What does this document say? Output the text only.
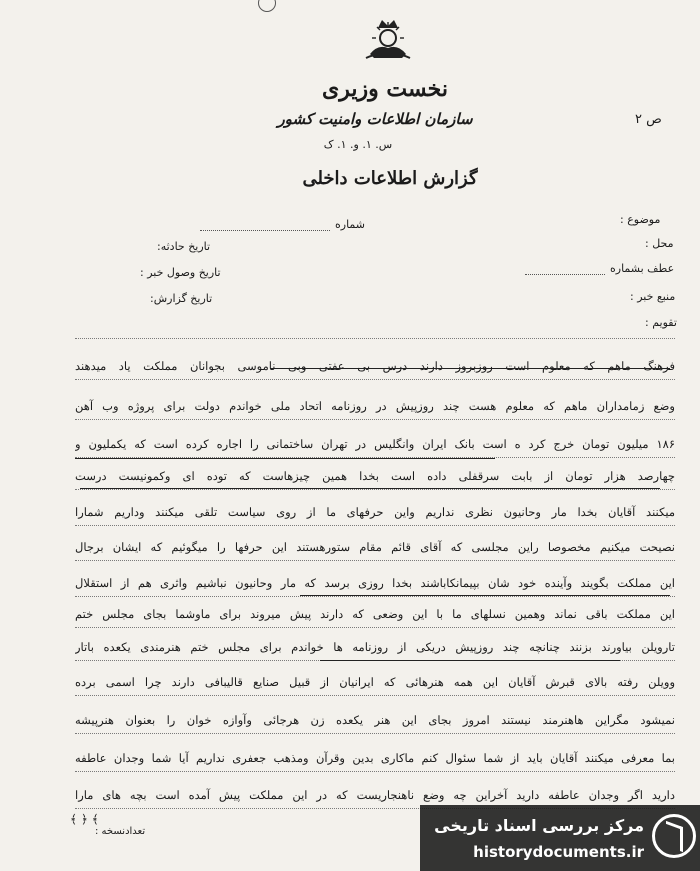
نخست وزیری
سازمان اطلاعات وامنیت کشور
س. ۱. و. ۱. ک
ص ۲
گزارش اطلاعات داخلی
موضوع :
شماره
محل :
تاریخ حادثه:
عطف بشماره
تاریخ وصول خبر :
منبع خبر :
تاریخ گزارش:
تقویم :
فرهنگ ماهم که معلوم است روزبروز دارند درس بی عفتی وبی ناموسی بجوانان مملکت یاد میدهند
وضع زمامداران ماهم که معلوم هست چند روزپیش در روزنامه اتحاد ملی خواندم دولت برای پروژه وب آهن
۱۸۶ میلیون تومان خرج کرد ه است بانک ایران وانگلیس در تهران ساختمانی را اجاره کرده است که یکملیون و
چهارصد هزار تومان از بابت سرقفلی داده است بخدا همین چیزهاست که توده ای وکمونیست درست
میکنند آقایان بخدا مار وحانیون نظری نداریم واین حرفهای ما از روی سیاست تلقی میکنند وداریم شمارا
نصیحت میکنیم مخصوصا راین مجلسی که آقای قائم مقام ستورهستند این حرفها را میگوئیم که ایشان برجال
این مملکت بگویند وآینده خود شان بپیمانکاباشند بخدا روزی برسد که مار وحانیون نباشیم واثری هم از استقلال
این مملکت باقی نماند وهمین نسلهای ما با این وضعی که دارند پیش میروند برای ماوشما بجای مجلس ختم
تارویلن بیاورند بزنند چنانچه چند روزپیش دریکی از روزنامه ها خواندم برای مجلس ختم هنرمندی یکعده باتار
وویلن رفته بالای قبرش آقایان این همه هنرهائی که ایرانیان از قبیل صنایع قالیبافی دارند چرا اسمی برده
نمیشود مگراین هاهنرمند نیستند امروز بجای این هنر یکعده زن هرجائی وآوازه خوان را بعنوان هنرپیشه
بما معرفی میکنند آقایان باید از شما سئوال کنم ماکاری بدین وقرآن ومذهب جعفری نداریم آیا شما وجدان عاطفه
دارید اگر وجدان عاطفه دارید آخراین چه وضع ناهنجاریست که در این مملکت پیش آمده است بچه های مارا
﴾ ﴿ ﴾
تعدادنسخه :	مرکز بررسی اسناد تاریخی
historydocuments.ir
